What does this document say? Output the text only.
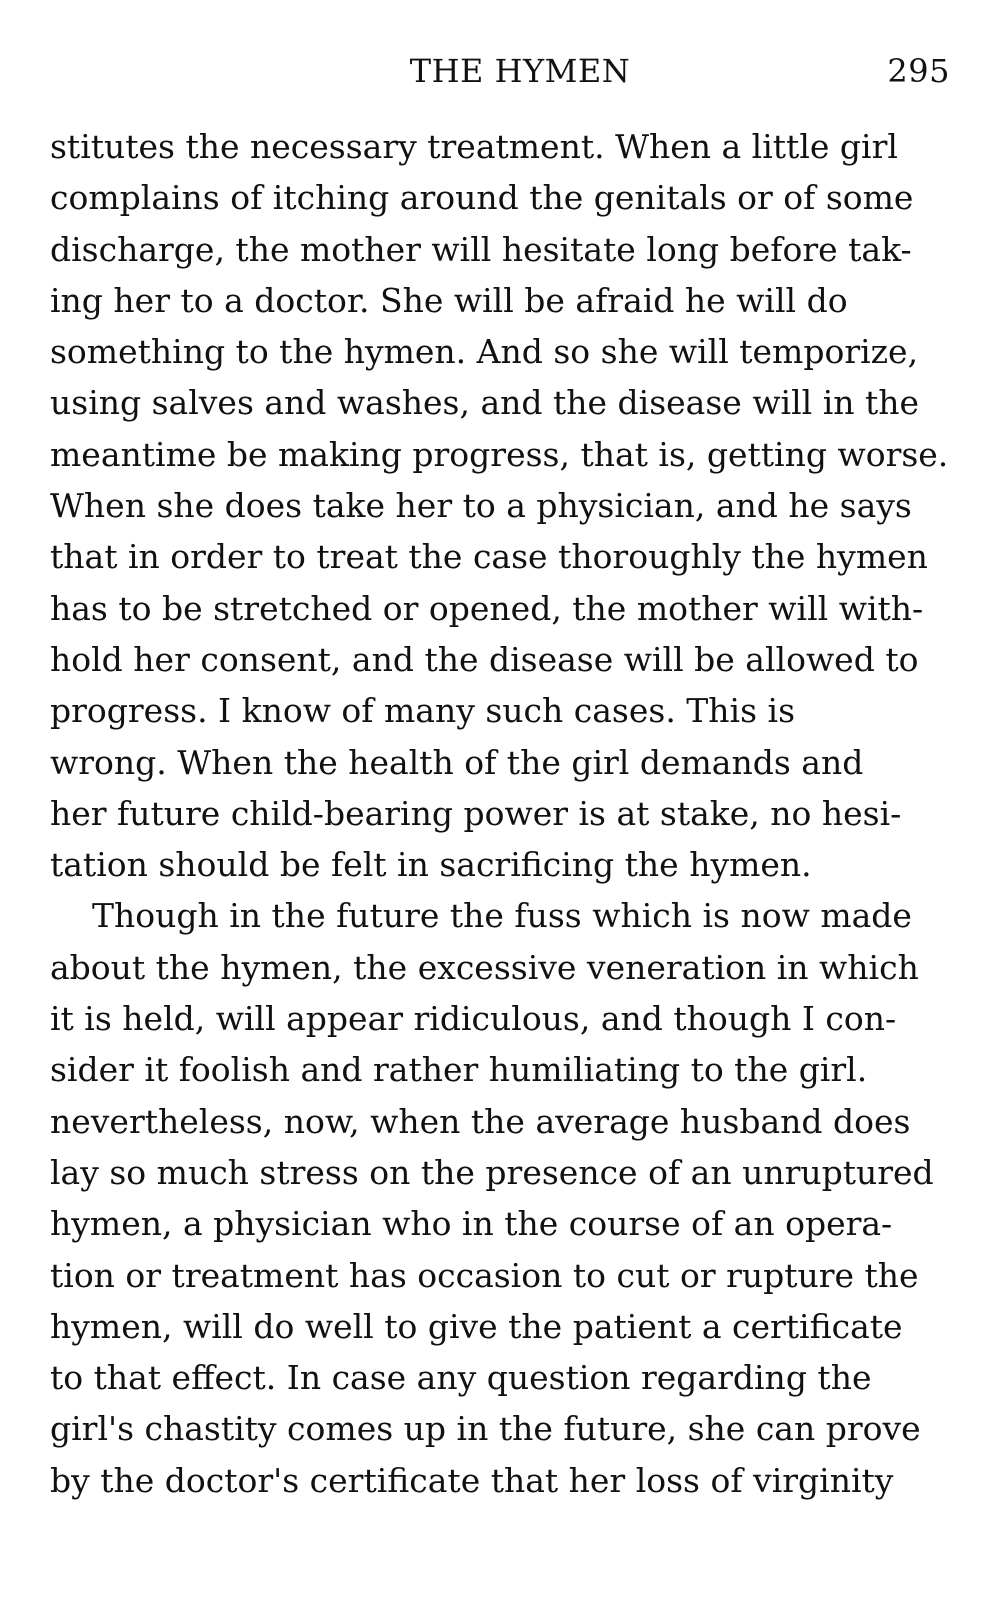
THE HYMEN	295
stitutes the necessary treatment. When a little girl
complains of itching around the genitals or of some
discharge, the mother will hesitate long before tak-
ing her to a doctor. She will be afraid he will do
something to the hymen. And so she will temporize,
using salves and washes, and the disease will in the
meantime be making progress, that is, getting worse.
When she does take her to a physician, and he says
that in order to treat the case thoroughly the hymen
has to be stretched or opened, the mother will with-
hold her consent, and the disease will be allowed to
progress. I know of many such cases. This is
wrong. When the health of the girl demands and
her future child-bearing power is at stake, no hesi-
tation should be felt in sacrificing the hymen.
Though in the future the fuss which is now made
about the hymen, the excessive veneration in which
it is held, will appear ridiculous, and though I con-
sider it foolish and rather humiliating to the girl.
nevertheless, now, when the average husband does
lay so much stress on the presence of an unruptured
hymen, a physician who in the course of an opera-
tion or treatment has occasion to cut or rupture the
hymen, will do well to give the patient a certificate
to that effect. In case any question regarding the
girl's chastity comes up in the future, she can prove
by the doctor's certificate that her loss of virginity
